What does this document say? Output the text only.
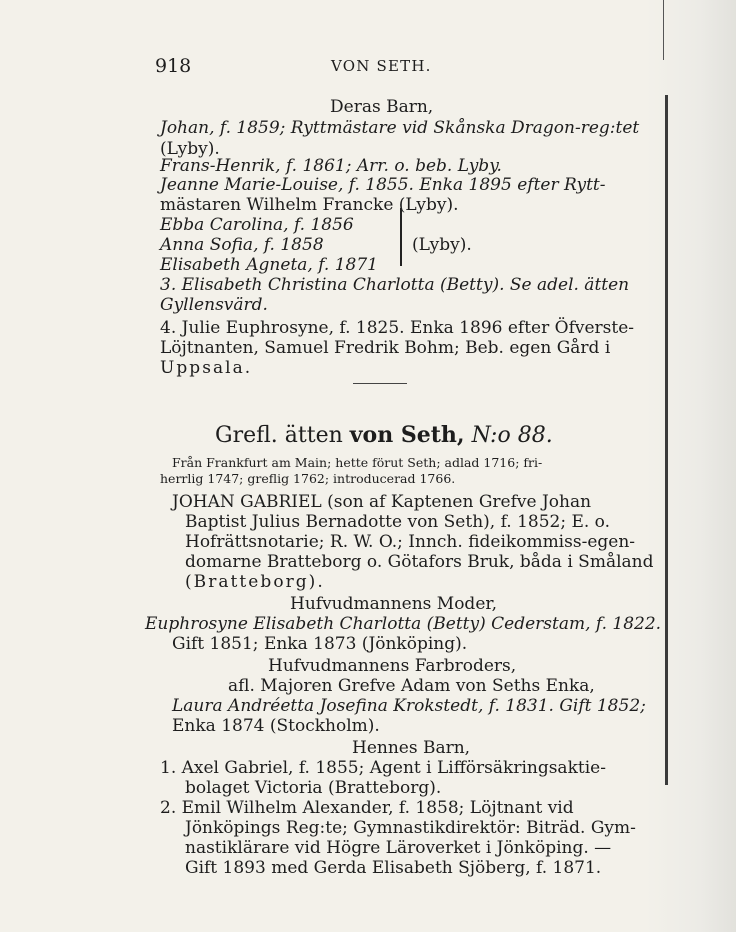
918	VON SETH.
Deras Barn,
Johan, f. 1859; Ryttmästare vid Skånska Dragon-reg:tet
(Lyby).
Frans-Henrik, f. 1861; Arr. o. beb. Lyby.
Jeanne Marie-Louise, f. 1855. Enka 1895 efter Rytt-
mästaren Wilhelm Francke (Lyby).
Ebba Carolina, f. 1856
Anna Sofia, f. 1858	(Lyby).
Elisabeth Agneta, f. 1871
3. Elisabeth Christina Charlotta (Betty). Se adel. ätten
Gyllensvärd.
4. Julie Euphrosyne, f. 1825. Enka 1896 efter Öfverste-
Löjtnanten, Samuel Fredrik Bohm; Beb. egen Gård i
Uppsala.
Grefl. ätten von Seth, N:o 88.
Från Frankfurt am Main; hette förut Seth; adlad 1716; fri-
herrlig 1747; greflig 1762; introducerad 1766.
JOHAN GABRIEL (son af Kaptenen Grefve Johan
Baptist Julius Bernadotte von Seth), f. 1852; E. o.
Hofrättsnotarie; R. W. O.; Innch. fideikommiss-egen-
domarne Bratteborg o. Götafors Bruk, båda i Småland
(Bratteborg).
Hufvudmannens Moder,
Euphrosyne Elisabeth Charlotta (Betty) Cederstam, f. 1822.
Gift 1851; Enka 1873 (Jönköping).
Hufvudmannens Farbroders,
afl. Majoren Grefve Adam von Seths Enka,
Laura Andréetta Josefina Krokstedt, f. 1831. Gift 1852;
Enka 1874 (Stockholm).
Hennes Barn,
1. Axel Gabriel, f. 1855; Agent i Lifförsäkringsaktie-
bolaget Victoria (Bratteborg).
2. Emil Wilhelm Alexander, f. 1858; Löjtnant vid
Jönköpings Reg:te; Gymnastikdirektör: Biträd. Gym-
nastiklärare vid Högre Läroverket i Jönköping. —
Gift 1893 med Gerda Elisabeth Sjöberg, f. 1871.
